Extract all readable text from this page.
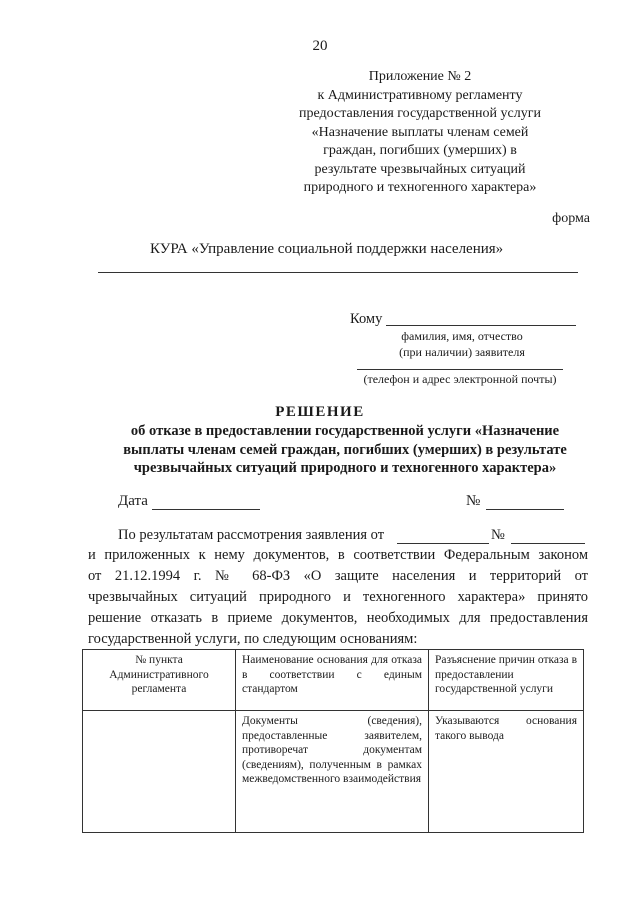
20
Приложение № 2
к Административному регламенту
предоставления государственной услуги
«Назначение выплаты членам семей
граждан, погибших (умерших) в
результате чрезвычайных ситуаций
природного и техногенного характера»
форма
КУРА «Управление социальной поддержки населения»
Кому
фамилия, имя, отчество
(при наличии) заявителя
(телефон и адрес электронной почты)
РЕШЕНИЕ
об отказе в предоставлении государственной услуги «Назначение
выплаты членам семей граждан, погибших (умерших) в результате
чрезвычайных ситуаций природного и техногенного характера»
Дата	№
По результатам рассмотрения заявления от	№
и приложенных к нему документов, в соответствии Федеральным законом
от 21.12.1994 г. № 68-ФЗ «О защите населения и территорий от
чрезвычайных ситуаций природного и техногенного характера» принято
решение отказать в приеме документов, необходимых для предоставления
государственной услуги, по следующим основаниям:
№ пункта Административного регламента	Наименование основания для отказа в соответствии с единым стандартом	Разъяснение причин отказа в предоставлении государственной услуги
	Документы (сведения), предоставленные заявителем, противоречат документам (сведениям), полученным в рамках межведомственного взаимодействия	Указываются основания такого вывода
